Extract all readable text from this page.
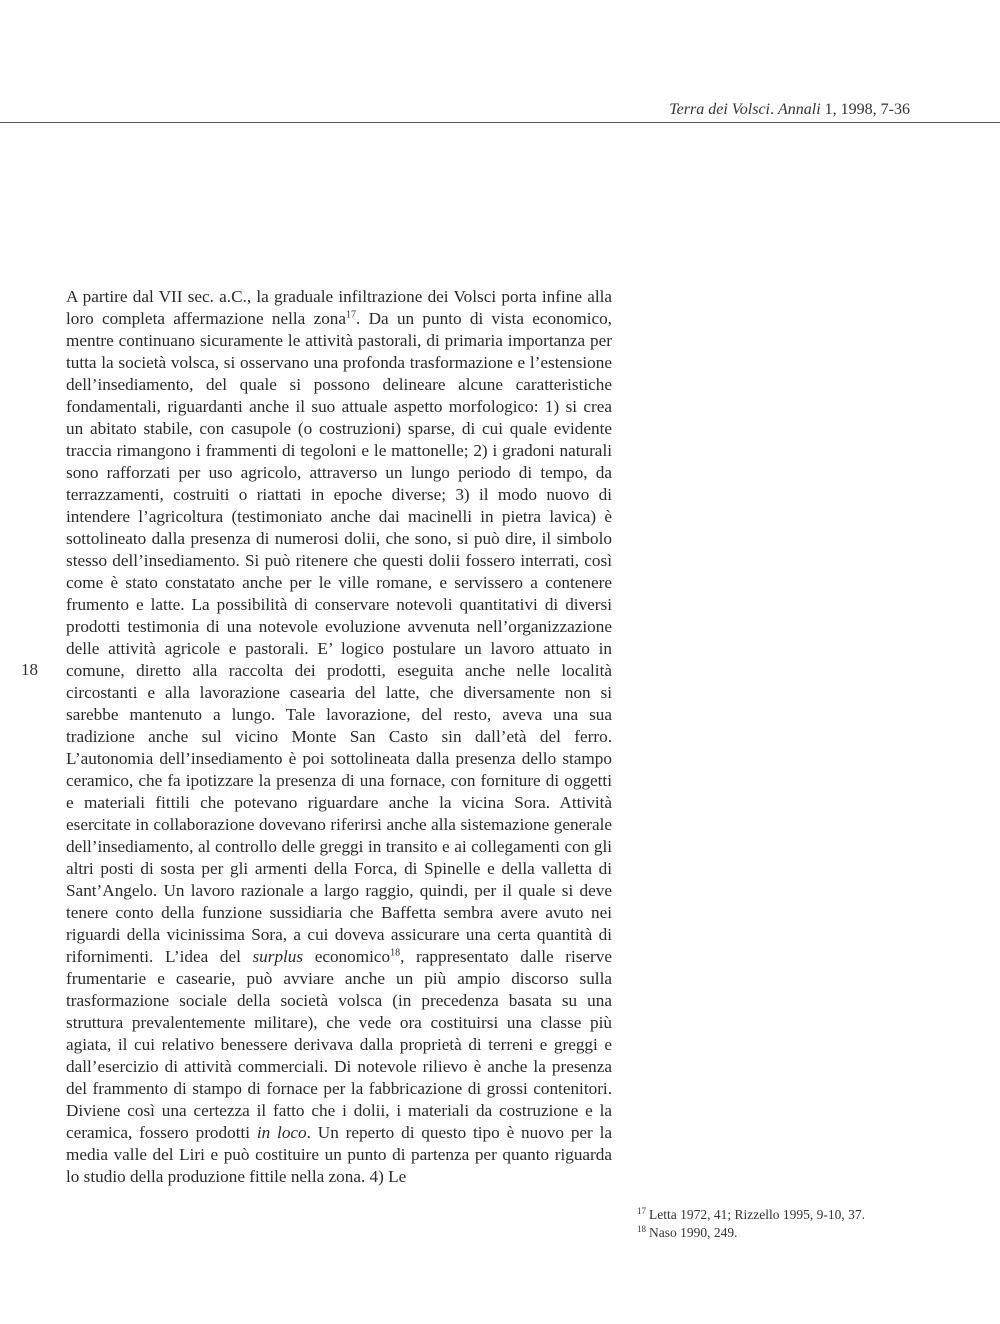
Terra dei Volsci. Annali 1, 1998, 7-36
18

A partire dal VII sec. a.C., la graduale infiltrazione dei Volsci porta infine alla loro completa affermazione nella zona$^{17}$. Da un punto di vista economico, mentre continuano sicuramente le attività pastorali, di primaria importanza per tutta la società volsca, si osservano una profonda trasformazione e l’estensione dell’insediamento, del quale si possono delineare alcune caratteristiche fondamentali, riguardanti anche il suo attuale aspetto morfologico: 1) si crea un abitato stabile, con casupole (o costruzioni) sparse, di cui quale evidente traccia rimangono i frammenti di tegoloni e le mattonelle; 2) i gradoni naturali sono rafforzati per uso agricolo, attraverso un lungo periodo di tempo, da terrazzamenti, costruiti o riattati in epoche diverse; 3) il modo nuovo di intendere l’agricoltura (testimoniato anche dai macinelli in pietra lavica) è sottolineato dalla presenza di numerosi dolii, che sono, si può dire, il simbolo stesso dell’insediamento. Si può ritenere che questi dolii fossero interrati, così come è stato constatato anche per le ville romane, e servissero a contenere frumento e latte. La possibilità di conservare notevoli quantitativi di diversi prodotti testimonia di una notevole evoluzione avvenuta nell’organizzazione delle attività agricole e pastorali. E’ logico postulare un lavoro attuato in comune, diretto alla raccolta dei prodotti, eseguita anche nelle località circostanti e alla lavorazione casearia del latte, che diversamente non si sarebbe mantenuto a lungo. Tale lavorazione, del resto, aveva una sua tradizione anche sul vicino Monte San Casto sin dall’età del ferro. L’autonomia dell’insediamento è poi sottolineata dalla presenza dello stampo ceramico, che fa ipotizzare la presenza di una fornace, con forniture di oggetti e materiali fittili che potevano riguardare anche la vicina Sora. Attività esercitate in collaborazione dovevano riferirsi anche alla sistemazione generale dell’insediamento, al controllo delle greggi in transito e ai collegamenti con gli altri posti di sosta per gli armenti della Forca, di Spinelle e della valletta di Sant’Angelo. Un lavoro razionale a largo raggio, quindi, per il quale si deve tenere conto della funzione sussidiaria che Baffetta sembra avere avuto nei riguardi della vicinissima Sora, a cui doveva assicurare una certa quantità di rifornimenti. L’idea del surplus economico$^{18}$, rappresentato dalle riserve frumentarie e casearie, può avviare anche un più ampio discorso sulla trasformazione sociale della società volsca (in precedenza basata su una struttura prevalentemente militare), che vede ora costituirsi una classe più agiata, il cui relativo benessere derivava dalla proprietà di terreni e greggi e dall’esercizio di attività commerciali. Di notevole rilievo è anche la presenza del frammento di stampo di fornace per la fabbricazione di grossi contenitori. Diviene così una certezza il fatto che i dolii, i materiali da costruzione e la ceramica, fossero prodotti in loco. Un reperto di questo tipo è nuovo per la media valle del Liri e può costituire un punto di partenza per quanto riguarda lo studio della produzione fittile nella zona. 4) Le

$^{17}$ Letta 1972, 41; Rizzello 1995, 9-10, 37.
$^{18}$ Naso 1990, 249.
